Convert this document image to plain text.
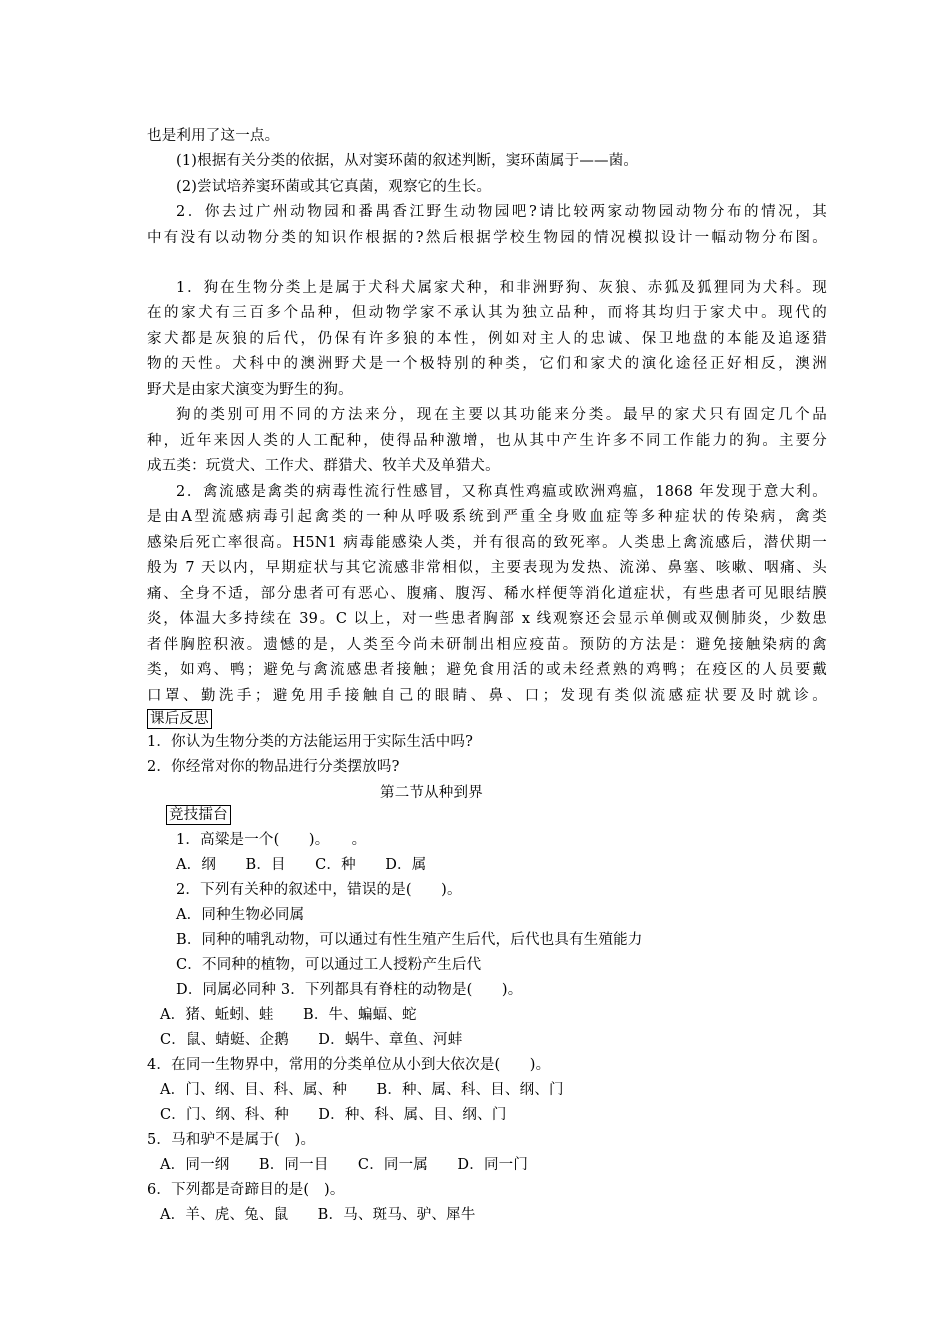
也是利用了这一点。
(1)根据有关分类的依据，从对窦环菌的叙述判断，窦环菌属于——菌。
(2)尝试培养窦环菌或其它真菌，观察它的生长。
2．你去过广州动物园和番禺香江野生动物园吧?请比较两家动物园动物分布的情况，其
中有没有以动物分类的知识作根据的?然后根据学校生物园的情况模拟设计一幅动物分布图。
1．狗在生物分类上是属于犬科犬属家犬种，和非洲野狗、灰狼、赤狐及狐狸同为犬科。现
在的家犬有三百多个品种，但动物学家不承认其为独立品种，而将其均归于家犬中。现代的
家犬都是灰狼的后代，仍保有许多狼的本性，例如对主人的忠诚、保卫地盘的本能及追逐猎
物的天性。犬科中的澳洲野犬是一个极特别的种类，它们和家犬的演化途径正好相反，澳洲
野犬是由家犬演变为野生的狗。
狗的类别可用不同的方法来分，现在主要以其功能来分类。最早的家犬只有固定几个品
种，近年来因人类的人工配种，使得品种激增，也从其中产生许多不同工作能力的狗。主要分
成五类：玩赏犬、工作犬、群猎犬、牧羊犬及单猎犬。
2．禽流感是禽类的病毒性流行性感冒，又称真性鸡瘟或欧洲鸡瘟，1868 年发现于意大利。
是由A型流感病毒引起禽类的一种从呼吸系统到严重全身败血症等多种症状的传染病，禽类
感染后死亡率很高。H5N1 病毒能感染人类，并有很高的致死率。人类患上禽流感后，潜伏期一
般为 7 天以内，早期症状与其它流感非常相似，主要表现为发热、流涕、鼻塞、咳嗽、咽痛、头
痛、全身不适，部分患者可有恶心、腹痛、腹泻、稀水样便等消化道症状，有些患者可见眼结膜
炎，体温大多持续在 39。C 以上，对一些患者胸部 x 线观察还会显示单侧或双侧肺炎，少数患
者伴胸腔积液。遗憾的是，人类至今尚未研制出相应疫苗。预防的方法是：避免接触染病的禽
类，如鸡、鸭；避免与禽流感患者接触；避免食用活的或未经煮熟的鸡鸭；在疫区的人员要戴
口罩、勤洗手；避免用手接触自己的眼睛、鼻、口；发现有类似流感症状要及时就诊。
课后反思
1．你认为生物分类的方法能运用于实际生活中吗?
2．你经常对你的物品进行分类摆放吗?
第二节从种到界
竞技擂台
1．高粱是一个(　　)。　　。
A．纲　　B．目　　C．种　　D．属
2．下列有关种的叙述中，错误的是(　　)。
A．同种生物必同属
B．同种的哺乳动物，可以通过有性生殖产生后代，后代也具有生殖能力
C．不同种的植物，可以通过工人授粉产生后代
D．同属必同种 3．下列都具有脊柱的动物是(　　)。
A．猪、蚯蚓、蛙　　B．牛、蝙蝠、蛇
C．鼠、蜻蜓、企鹅　　D．蜗牛、章鱼、河蚌
4．在同一生物界中，常用的分类单位从小到大依次是(　　)。
A．门、纲、目、科、属、种　　B．种、属、科、目、纲、门
C．门、纲、科、种　　D．种、科、属、目、纲、门
5．马和驴不是属于(　)。
A．同一纲　　B．同一目　　C．同一属　　D．同一门
6．下列都是奇蹄目的是(　)。
A．羊、虎、兔、鼠　　B．马、斑马、驴、犀牛
